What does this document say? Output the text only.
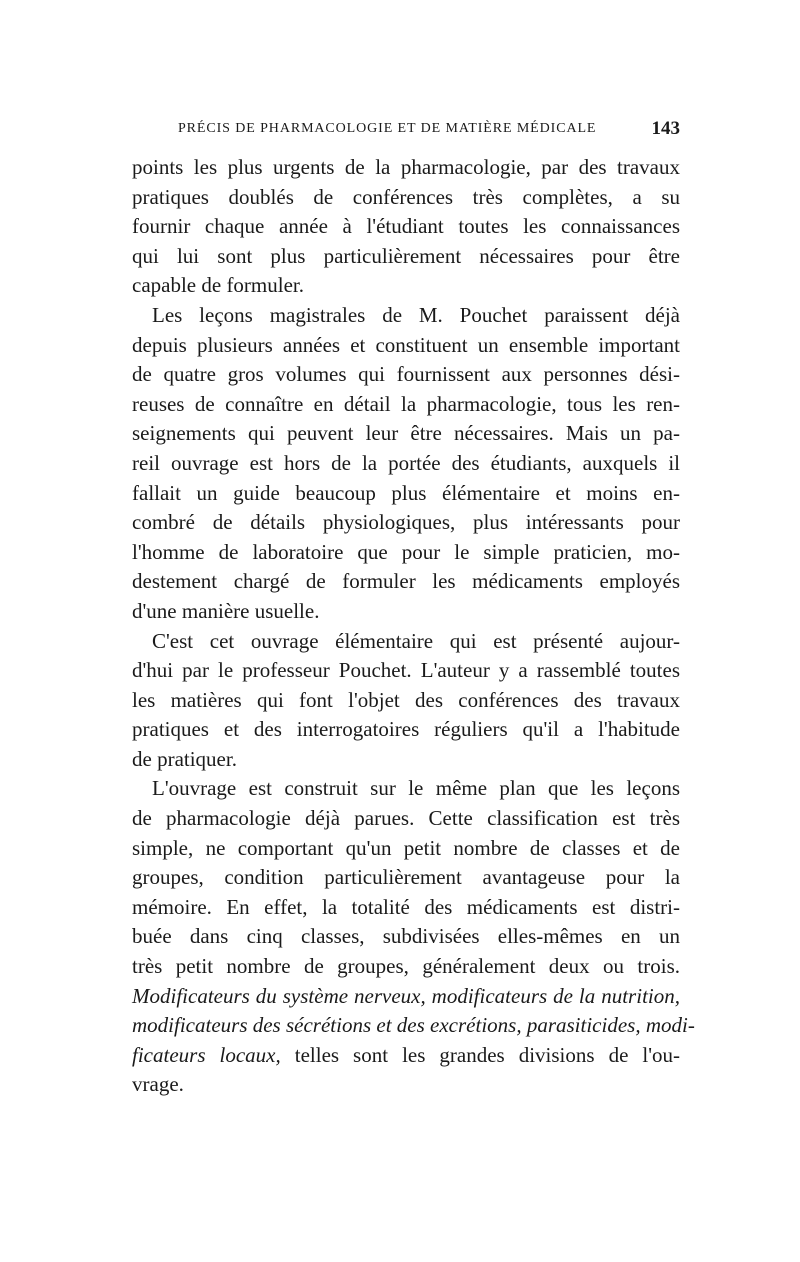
PRÉCIS DE PHARMACOLOGIE ET DE MATIÈRE MÉDICALE	143
points les plus urgents de la pharmacologie, par des travaux
pratiques doublés de conférences très complètes, a su
fournir chaque année à l'étudiant toutes les connaissances
qui lui sont plus particulièrement nécessaires pour être
capable de formuler.
Les leçons magistrales de M. Pouchet paraissent déjà
depuis plusieurs années et constituent un ensemble important
de quatre gros volumes qui fournissent aux personnes dési-
reuses de connaître en détail la pharmacologie, tous les ren-
seignements qui peuvent leur être nécessaires. Mais un pa-
reil ouvrage est hors de la portée des étudiants, auxquels il
fallait un guide beaucoup plus élémentaire et moins en-
combré de détails physiologiques, plus intéressants pour
l'homme de laboratoire que pour le simple praticien, mo-
destement chargé de formuler les médicaments employés
d'une manière usuelle.
C'est cet ouvrage élémentaire qui est présenté aujour-
d'hui par le professeur Pouchet. L'auteur y a rassemblé toutes
les matières qui font l'objet des conférences des travaux
pratiques et des interrogatoires réguliers qu'il a l'habitude
de pratiquer.
L'ouvrage est construit sur le même plan que les leçons
de pharmacologie déjà parues. Cette classification est très
simple, ne comportant qu'un petit nombre de classes et de
groupes, condition particulièrement avantageuse pour la
mémoire. En effet, la totalité des médicaments est distri-
buée dans cinq classes, subdivisées elles-mêmes en un
très petit nombre de groupes, généralement deux ou trois.
Modificateurs du système nerveux, modificateurs de la nutrition,
modificateurs des sécrétions et des excrétions, parasiticides, modi-
ficateurs locaux, telles sont les grandes divisions de l'ou-
vrage.
